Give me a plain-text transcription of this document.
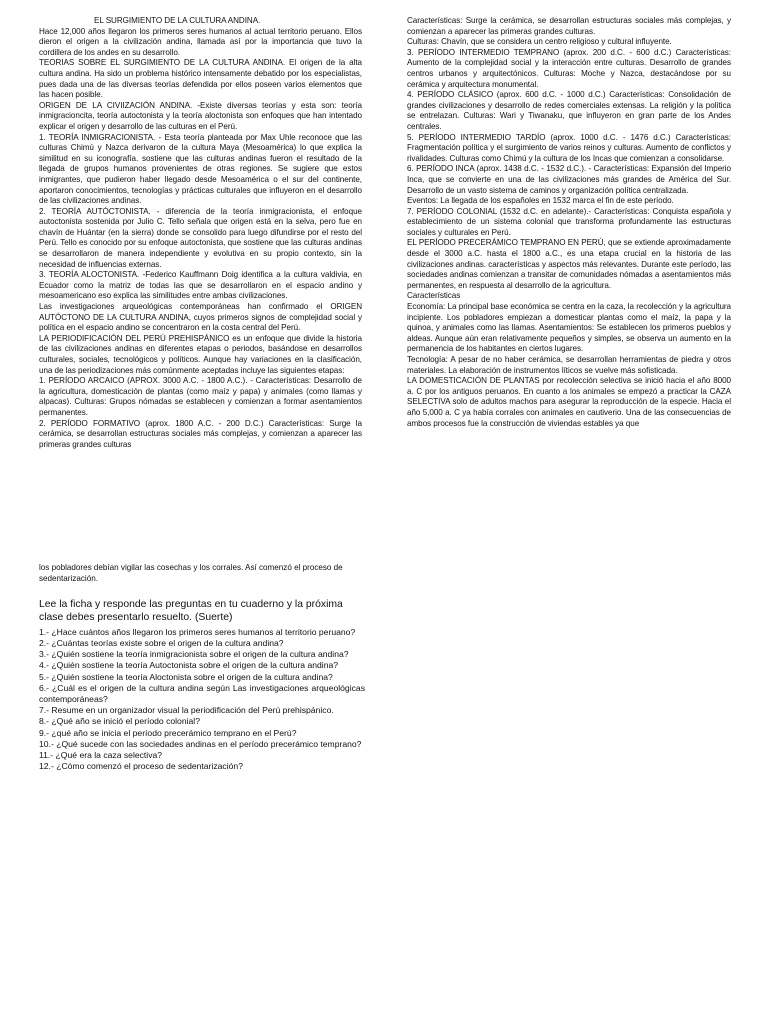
EL SURGIMIENTO DE LA CULTURA ANDINA.

Hace 12,000 años llegaron los primeros seres humanos al actual territorio peruano. Ellos dieron el origen a la civilización andina, llamada así por la importancia que tuvo la cordillera de los andes en su desarrollo.

TEORIAS SOBRE EL SURGIMIENTO DE LA CULTURA ANDINA. El origen de la alta cultura andina. Ha sido un problema histórico intensamente debatido por los especialistas, pues dada una de las diversas teorías defendida por ellos poseen varios elementos que las hacen posible.

ORIGEN DE LA CIVIIZACIÓN ANDINA. -Existe diversas teorías y esta son: teoría inmigracioncita, teoría autoctonista y la teoría aloctonista son enfoques que han intentado explicar el origen y desarrollo de las culturas en el Perú.

1. TEORÍA INMIGRACIONISTA. - Esta teoría planteada por Max Uhle reconoce que las culturas Chimú y Nazca derivaron de la cultura Maya (Mesoamérica) lo que explica la similitud en su iconografía. sostiene que las culturas andinas fueron el resultado de la llegada de grupos humanos provenientes de otras regiones. Se sugiere que estos inmigrantes, que pudieron haber llegado desde Mesoamérica o el sur del continente, aportaron conocimientos, tecnologías y prácticas culturales que influyeron en el desarrollo de las civilizaciones andinas.

2. TEORÍA AUTÓCTONISTA. - diferencia de la teoría inmigracionista, el enfoque autoctonista sostenida por Julio C. Tello señala que origen está en la selva, pero fue en chavín de Huántar (en la sierra) donde se consolido para luego difundirse por el resto del Perú. Tello es conocido por su enfoque autoctonista, que sostiene que las culturas andinas se desarrollaron de manera independiente y evolutiva en su propio contexto, sin la necesidad de influencias externas.

3. TEORÍA ALOCTONISTA. -Federico Kauffmann Doig identifica a la cultura valdivia, en Ecuador como la matriz de todas las que se desarrollaron en el espacio andino y mesoamericano eso explica las similitudes entre ambas civilizaciones.

Las investigaciones arqueológicas contemporáneas han confirmado el ORIGEN AUTÓCTONO DE LA CULTURA ANDINA, cuyos primeros signos de complejidad social y política en el espacio andino se concentraron en la costa central del Perú.

LA PERIODIFICACIÓN DEL PERÚ PREHISPÁNICO es un enfoque que divide la historia de las civilizaciones andinas en diferentes etapas o periodos, basándose en desarrollos culturales, sociales, tecnológicos y políticos. Aunque hay variaciones en la clasificación, una de las periodizaciones más comúnmente aceptadas incluye las siguientes etapas:

1. PERÍODO ARCAICO (APROX. 3000 A.C. - 1800 A.C.). - Características: Desarrollo de la agricultura, domesticación de plantas (como maíz y papa) y animales (como llamas y alpacas). Culturas: Grupos nómadas se establecen y comienzan a formar asentamientos permanentes.

2. PERÍODO FORMATIVO (aprox. 1800 A.C. - 200 D.C.) Características: Surge la cerámica, se desarrollan estructuras sociales más complejas, y comienzan a aparecer las primeras grandes culturas

Características: Surge la cerámica, se desarrollan estructuras sociales más complejas, y comienzan a aparecer las primeras grandes culturas.

Culturas: Chavín, que se considera un centro religioso y cultural influyente.

3. PERÍODO INTERMEDIO TEMPRANO (aprox. 200 d.C. - 600 d.C.) Características: Aumento de la complejidad social y la interacción entre culturas. Desarrollo de grandes centros urbanos y arquitectónicos. Culturas: Moche y Nazca, destacándose por su cerámica y arquitectura monumental.

4. PERÍODO CLÁSICO (aprox. 600 d.C. - 1000 d.C.) Características: Consolidación de grandes civilizaciones y desarrollo de redes comerciales extensas. La religión y la política se entrelazan. Culturas: Wari y Tiwanaku, que influyeron en gran parte de los Andes centrales.

5. PERÍODO INTERMEDIO TARDÍO (aprox. 1000 d.C. - 1476 d.C.) Características: Fragmentación política y el surgimiento de varios reinos y culturas. Aumento de conflictos y rivalidades. Culturas como Chimú y la cultura de los Incas que comienzan a consolidarse.

6. PERÍODO INCA (aprox. 1438 d.C. - 1532 d.C.). - Características: Expansión del Imperio Inca, que se convierte en una de las civilizaciones más grandes de América del Sur. Desarrollo de un vasto sistema de caminos y organización política centralizada.

Eventos: La llegada de los españoles en 1532 marca el fin de este período.

7. PERÍODO COLONIAL (1532 d.C. en adelante).- Características: Conquista española y establecimiento de un sistema colonial que transforma profundamente las estructuras sociales y culturales en Perú.

EL PERÍODO PRECERÁMICO TEMPRANO EN PERÚ, que se extiende aproximadamente desde el 3000 a.C. hasta el 1800 a.C., es una etapa crucial en la historia de las civilizaciones andinas. características y aspectos más relevantes. Durante este período, las sociedades andinas comienzan a transitar de comunidades nómadas a asentamientos más permanentes, en respuesta al desarrollo de la agricultura.

Características

Economía: La principal base económica se centra en la caza, la recolección y la agricultura incipiente. Los pobladores empiezan a domesticar plantas como el maíz, la papa y la quinoa, y animales como las llamas. Asentamientos: Se establecen los primeros pueblos y aldeas. Aunque aún eran relativamente pequeños y simples, se observa un aumento en la permanencia de los habitantes en ciertos lugares.

Tecnología: A pesar de no haber cerámica, se desarrollan herramientas de piedra y otros materiales. La elaboración de instrumentos líticos se vuelve más sofisticada.

LA DOMESTICACIÓN DE PLANTAS por recolección selectiva se inició hacia el año 8000 a. C por los antiguos peruanos. En cuanto a los animales se empezó a practicar la CAZA SELECTIVA solo de adultos machos para asegurar la reproducción de la especie. Hacia el año 5,000 a. C ya había corrales con animales en cautiverio. Una de las consecuencias de ambos procesos fue la construcción de viviendas estables ya que

los pobladores debían vigilar las cosechas y los corrales. Así comenzó el proceso de sedentarización.

Lee la ficha y responde las preguntas en tu cuaderno y la próxima clase debes presentarlo resuelto. (Suerte)

1.- ¿Hace cuántos años llegaron los primeros seres humanos al territorio peruano?

2.- ¿Cuántas teorías existe sobre el origen de la cultura andina?

3.- ¿Quién sostiene la teoría inmigracionista sobre el origen de la cultura andina?

4.- ¿Quién sostiene la teoría Autoctonista sobre el origen de la cultura andina?

5.- ¿Quién sostiene la teoría Aloctonista sobre el origen de la cultura andina?

6.- ¿Cuál es el origen de la cultura andina según Las investigaciones arqueológicas contemporáneas?

7.- Resume en un organizador visual la periodificación del Perú prehispánico.

8.- ¿Qué año se inició el período colonial?

9.- ¿qué año se inicia el período precerámico temprano en el Perú?

10.- ¿Qué sucede con las sociedades andinas en el período precerámico temprano?

11.- ¿Qué era la caza selectiva?

12.- ¿Cómo comenzó el proceso de sedentarización?
